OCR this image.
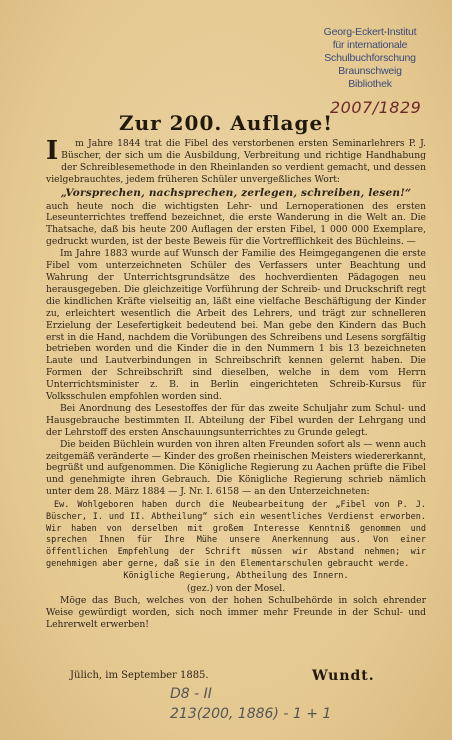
Georg-Eckert-Institut
für internationale
Schulbuchforschung
Braunschweig
Bibliothek
2007/1829
Zur 200. Auflage!

I m Jahre 1844 trat die Fibel des verstorbenen ersten Seminarlehrers P. J. Büscher, der sich um die Ausbildung, Verbreitung und richtige Handhabung der Schreiblesemethode in den Rheinlanden so verdient gemacht, und dessen vielgebrauchtes, jedem früheren Schüler unvergeßliches Wort:

„Vorsprechen, nachsprechen, zerlegen, schreiben, lesen!“

auch heute noch die wichtigsten Lehr- und Lernoperationen des ersten Leseunterrichtes treffend bezeichnet, die erste Wanderung in die Welt an. Die Thatsache, daß bis heute 200 Auflagen der ersten Fibel, 1 000 000 Exemplare, gedruckt wurden, ist der beste Beweis für die Vortrefflichkeit des Büchleins. —

Im Jahre 1883 wurde auf Wunsch der Familie des Heimgegangenen die erste Fibel vom unterzeichneten Schüler des Verfassers unter Beachtung und Wahrung der Unterrichtsgrundsätze des hochverdienten Pädagogen neu herausgegeben. Die gleichzeitige Vorführung der Schreib- und Druckschrift regt die kindlichen Kräfte vielseitig an, läßt eine vielfache Beschäftigung der Kinder zu, erleichtert wesentlich die Arbeit des Lehrers, und trägt zur schnelleren Erzielung der Lesefertigkeit bedeutend bei. Man gebe den Kindern das Buch erst in die Hand, nachdem die Vorübungen des Schreibens und Lesens sorgfältig betrieben worden und die Kinder die in den Nummern 1 bis 13 bezeichneten Laute und Lautverbindungen in Schreibschrift kennen gelernt haben. Die Formen der Schreibschrift sind dieselben, welche in dem vom Herrn Unterrichtsminister z. B. in Berlin eingerichteten Schreib-Kursus für Volksschulen empfohlen worden sind.

Bei Anordnung des Lesestoffes der für das zweite Schuljahr zum Schul- und Hausgebrauche bestimmten II. Abteilung der Fibel wurden der Lehrgang und der Lehrstoff des ersten Anschauungsunterrichtes zu Grunde gelegt.

Die beiden Büchlein wurden von ihren alten Freunden sofort als — wenn auch zeitgemäß veränderte — Kinder des großen rheinischen Meisters wiedererkannt, begrüßt und aufgenommen. Die Königliche Regierung zu Aachen prüfte die Fibel und genehmigte ihren Gebrauch. Die Königliche Regierung schrieb nämlich unter dem 28. März 1884 — J. Nr. I. 6158 — an den Unterzeichneten:

Ew. Wohlgeboren haben durch die Neubearbeitung der „Fibel von P. J. Büscher, I. und II. Abtheilung“ sich ein wesentliches Verdienst erworben. Wir haben von derselben mit großem Interesse Kenntniß genommen und sprechen Ihnen für Ihre Mühe unsere Anerkennung aus. Von einer öffentlichen Empfehlung der Schrift müssen wir Abstand nehmen; wir genehmigen aber gerne, daß sie in den Elementarschulen gebraucht werde.
Königliche Regierung, Abtheilung des Innern.
(gez.) von der Mosel.

Möge das Buch, welches von der hohen Schulbehörde in solch ehrender Weise gewürdigt worden, sich noch immer mehr Freunde in der Schul- und Lehrerwelt erwerben!

Jülich, im September 1885.	Wundt.
D8 - II
213(200, 1886) - 1 + 1
